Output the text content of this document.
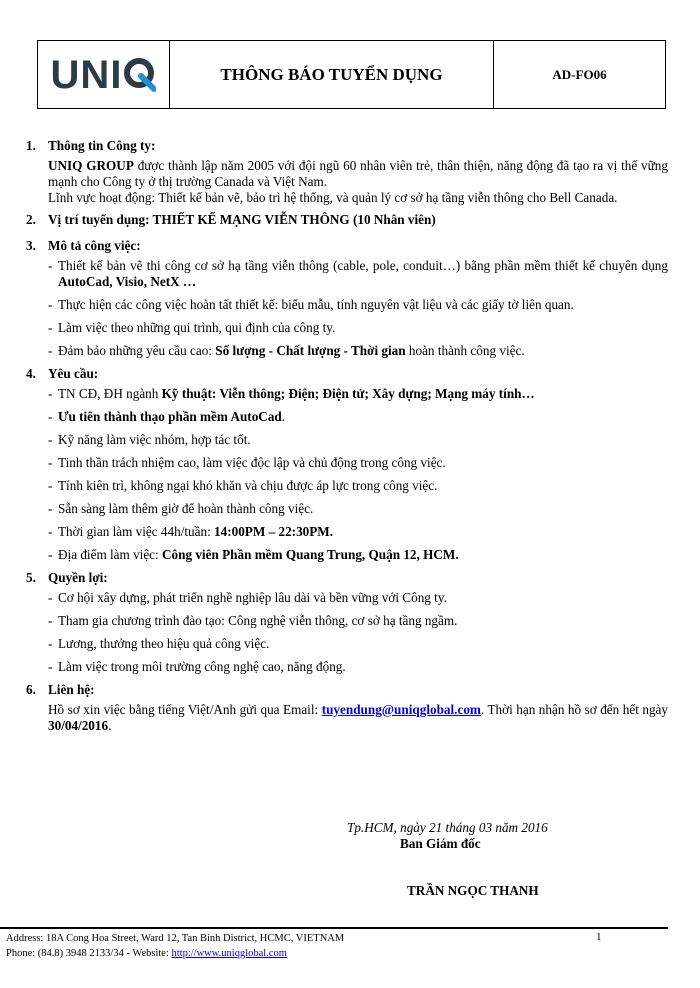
UNI	THÔNG BÁO TUYỂN DỤNG	AD-FO06
1. Thông tin Công ty:
UNIQ GROUP được thành lập năm 2005 với đội ngũ 60 nhân viên trẻ, thân thiện, năng động đã tạo ra vị thế vững mạnh cho Công ty ở thị trường Canada và Việt Nam.
Lĩnh vực hoạt động: Thiết kế bản vẽ, bảo trì hệ thống, và quản lý cơ sở hạ tầng viễn thông cho Bell Canada.
2. Vị trí tuyển dụng: THIẾT KẾ MẠNG VIỄN THÔNG (10 Nhân viên)
3. Mô tả công việc:
- Thiết kế bản vẽ thi công cơ sở hạ tầng viễn thông (cable, pole, conduit…) bằng phần mềm thiết kế chuyên dụng AutoCad, Visio, NetX …
- Thực hiện các công việc hoàn tất thiết kế: biểu mẫu, tính nguyên vật liệu và các giấy tờ liên quan.
- Làm việc theo những qui trình, qui định của công ty.
- Đảm bảo những yêu cầu cao: Số lượng - Chất lượng - Thời gian hoàn thành công việc.
4. Yêu cầu:
- TN CĐ, ĐH ngành Kỹ thuật: Viễn thông; Điện; Điện tử; Xây dựng; Mạng máy tính…
- Ưu tiên thành thạo phần mềm AutoCad.
- Kỹ năng làm việc nhóm, hợp tác tốt.
- Tinh thần trách nhiệm cao, làm việc độc lập và chủ động trong công việc.
- Tính kiên trì, không ngại khó khăn và chịu được áp lực trong công việc.
- Sẵn sàng làm thêm giờ để hoàn thành công việc.
- Thời gian làm việc 44h/tuần: 14:00PM – 22:30PM.
- Địa điểm làm việc: Công viên Phần mềm Quang Trung, Quận 12, HCM.
5. Quyền lợi:
- Cơ hội xây dựng, phát triển nghề nghiệp lâu dài và bền vững với Công ty.
- Tham gia chương trình đào tạo: Công nghệ viễn thông, cơ sở hạ tầng ngầm.
- Lương, thưởng theo hiệu quả công việc.
- Làm việc trong môi trường công nghệ cao, năng động.
6. Liên hệ:
Hồ sơ xin việc bằng tiếng Việt/Anh gửi qua Email: tuyendung@uniqglobal.com. Thời hạn nhận hồ sơ đến hết ngày 30/04/2016.
Tp.HCM, ngày 21 tháng 03 năm 2016
Ban Giám đốc
TRẦN NGỌC THANH
Address: 18A Cong Hoa Street, Ward 12, Tan Binh District, HCMC, VIETNAM
Phone: (84.8) 3948 2133/34 - Website: http://www.uniqglobal.com
1
